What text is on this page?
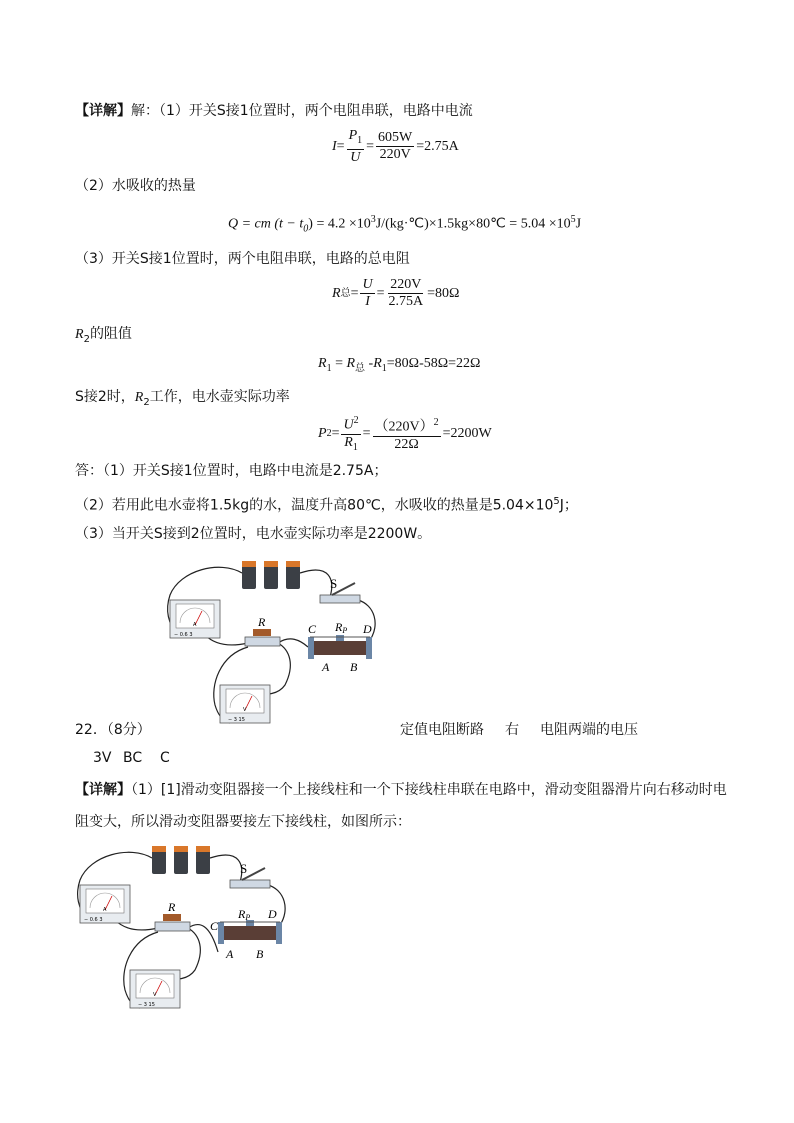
【详解】解：（1）开关S接1位置时，两个电阻串联，电路中电流
$I = \frac{P_1}{U} = \frac{605W}{220V} =2.75A$
（2）水吸收的热量
Q = cm $(t - t_0) = 4.2$ $\times 10^3J/(kg\cdot℃)\times 1.5kg\times 80℃ = 5.04 \times 10^5J$
（3）开关S接1位置时，两个电阻串联，电路的总电阻
R 总 = $\frac{U}{I} = \frac{220V}{2.75A} =80\Omega$
$R_2$的阻值
$R_1 = R_总$ $-R_1=80\Omega-58\Omega=22\Omega$
S接2时，$R_2$工作，电水壶实际功率
P $2 = \frac{U^2}{R_1} = \frac{(220V)^2}{22\Omega} =2200W$
答：（1）开关S接1位置时，电路中电流是2.75A；
（2）若用此电水壶将1.5kg的水，温度升高80℃，水吸收的热量是$5.04\times 10^5J$；
（3）当开关S接到2位置时，电水壶实际功率是2200W。
S
A
− 0.6 3
R	C RP D
A B
V
− 3 15
22．（8分）	定值电阻断路 右 电阻两端的电压
3V BC C
【详解】（1）[1]滑动变阻器接一个上接线柱和一个下接线柱串联在电路中，滑动变阻器滑片向右移动时电
阻变大，所以滑动变阻器要接左下接线柱，如图所示：
S
A
− 0.6 3
R
C
RP D
A B
V
− 3 15
